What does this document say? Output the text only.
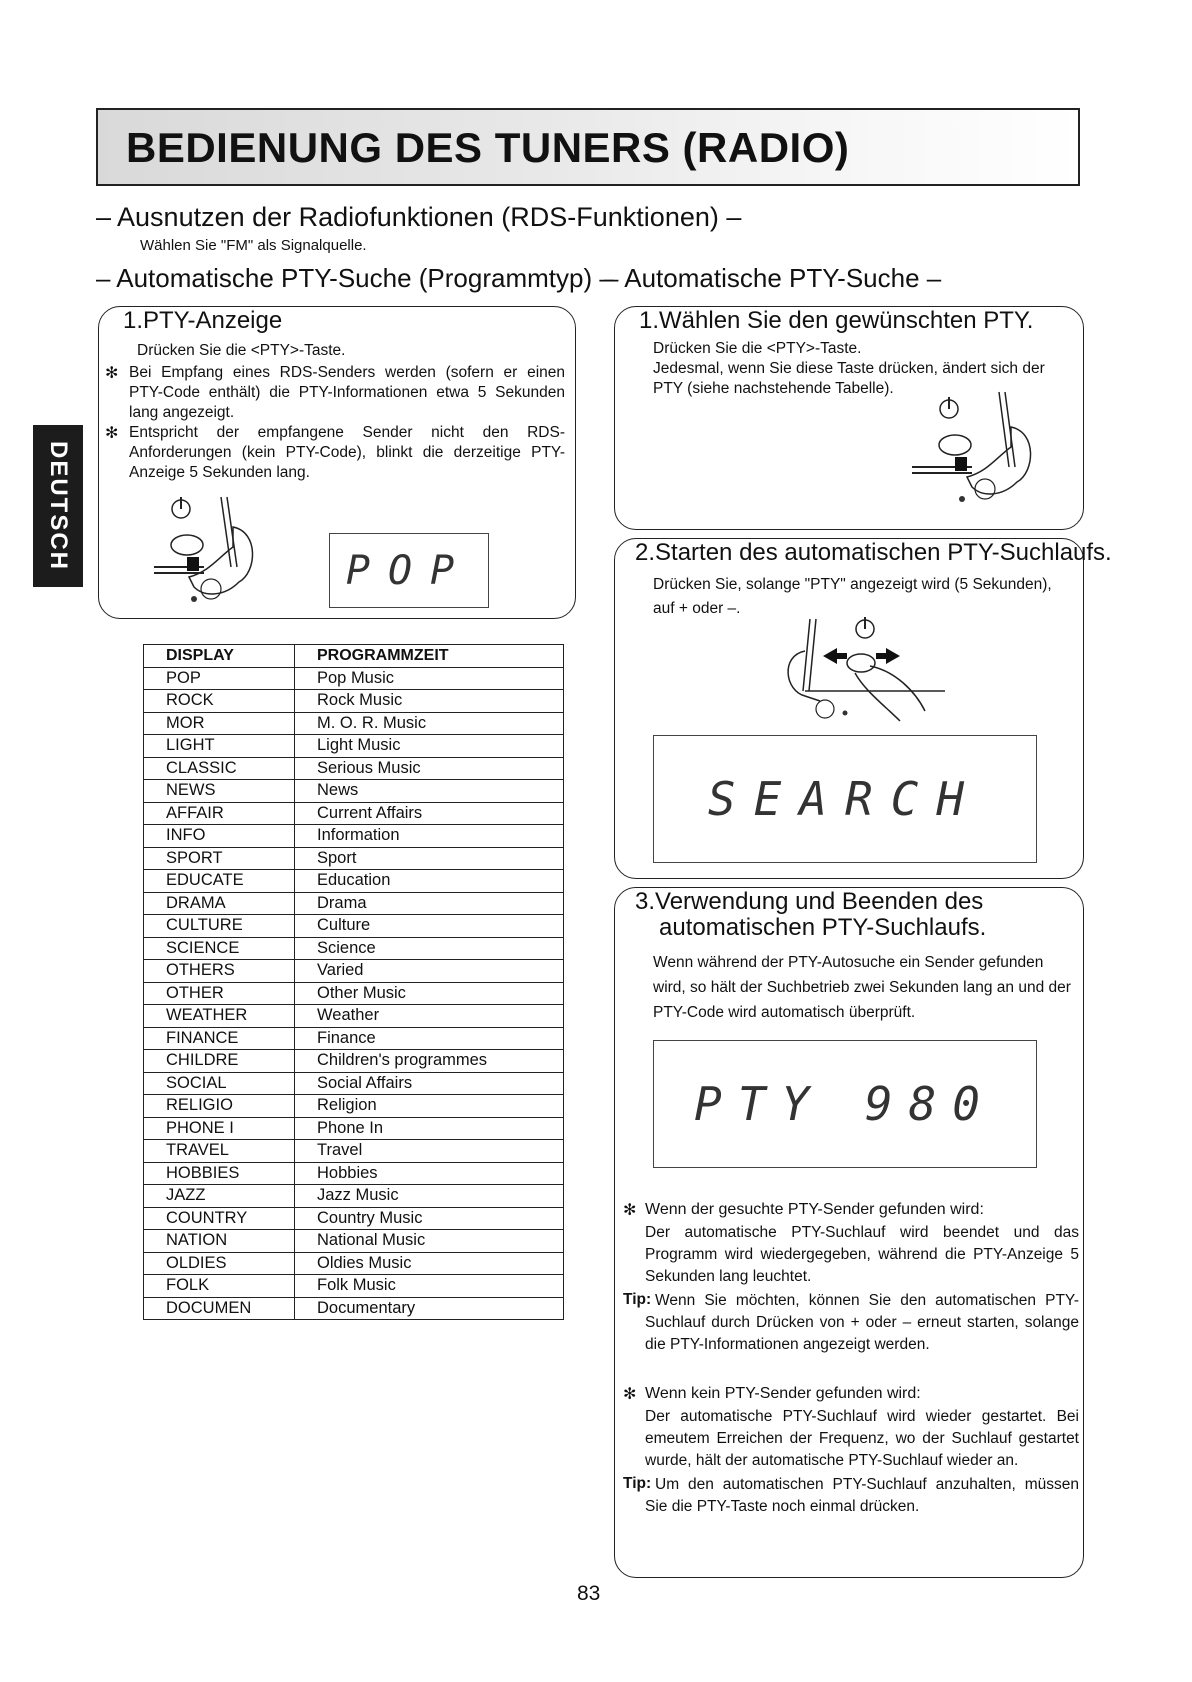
BEDIENUNG DES TUNERS (RADIO)
DEUTSCH
– Ausnutzen der Radiofunktionen (RDS-Funktionen) –
Wählen Sie "FM" als Signalquelle.
– Automatische PTY-Suche (Programmtyp) –
– Automatische PTY-Suche –
1.PTY-Anzeige
Drücken Sie die <PTY>-Taste.
✻ Bei Empfang eines RDS-Senders werden (sofern er einen PTY-Code enthält) die PTY-Informationen etwa 5 Sekunden lang angezeigt.
✻ Entspricht der empfangene Sender nicht den RDS-Anforderungen (kein PTY-Code), blinkt die derzeitige PTY-Anzeige 5 Sekunden lang.
POP
DISPLAY	PROGRAMMZEIT
POP	Pop Music
ROCK	Rock Music
MOR	M. O. R. Music
LIGHT	Light Music
CLASSIC	Serious Music
NEWS	News
AFFAIR	Current Affairs
INFO	Information
SPORT	Sport
EDUCATE	Education
DRAMA	Drama
CULTURE	Culture
SCIENCE	Science
OTHERS	Varied
OTHER	Other Music
WEATHER	Weather
FINANCE	Finance
CHILDRE	Children's programmes
SOCIAL	Social Affairs
RELIGIO	Religion
PHONE I	Phone In
TRAVEL	Travel
HOBBIES	Hobbies
JAZZ	Jazz Music
COUNTRY	Country Music
NATION	National Music
OLDIES	Oldies Music
FOLK	Folk Music
DOCUMEN	Documentary
1.Wählen Sie den gewünschten PTY.
Drücken Sie die <PTY>-Taste.
Jedesmal, wenn Sie diese Taste drücken, ändert sich der PTY (siehe nachstehende Tabelle).
2.Starten des automatischen PTY-Suchlaufs.
Drücken Sie, solange "PTY" angezeigt wird (5 Sekunden), auf + oder –.
SEARCH
3.Verwendung und Beenden des
automatischen PTY-Suchlaufs.
Wenn während der PTY-Autosuche ein Sender gefunden wird, so hält der Suchbetrieb zwei Sekunden lang an und der PTY-Code wird automatisch überprüft.
PTY 980
✻ Wenn der gesuchte PTY-Sender gefunden wird:
Der automatische PTY-Suchlauf wird beendet und das Programm wird wiedergegeben, während die PTY-Anzeige 5 Sekunden lang leuchtet.
Tip: Wenn Sie möchten, können Sie den automatischen PTY-Suchlauf durch Drücken von + oder – erneut starten, solange die PTY-Informationen angezeigt werden.
✻ Wenn kein PTY-Sender gefunden wird:
Der automatische PTY-Suchlauf wird wieder gestartet. Bei emeutem Erreichen der Frequenz, wo der Suchlauf gestartet wurde, hält der automatische PTY-Suchlauf wieder an.
Tip: Um den automatischen PTY-Suchlauf anzuhalten, müssen Sie die PTY-Taste noch einmal drücken.
83
